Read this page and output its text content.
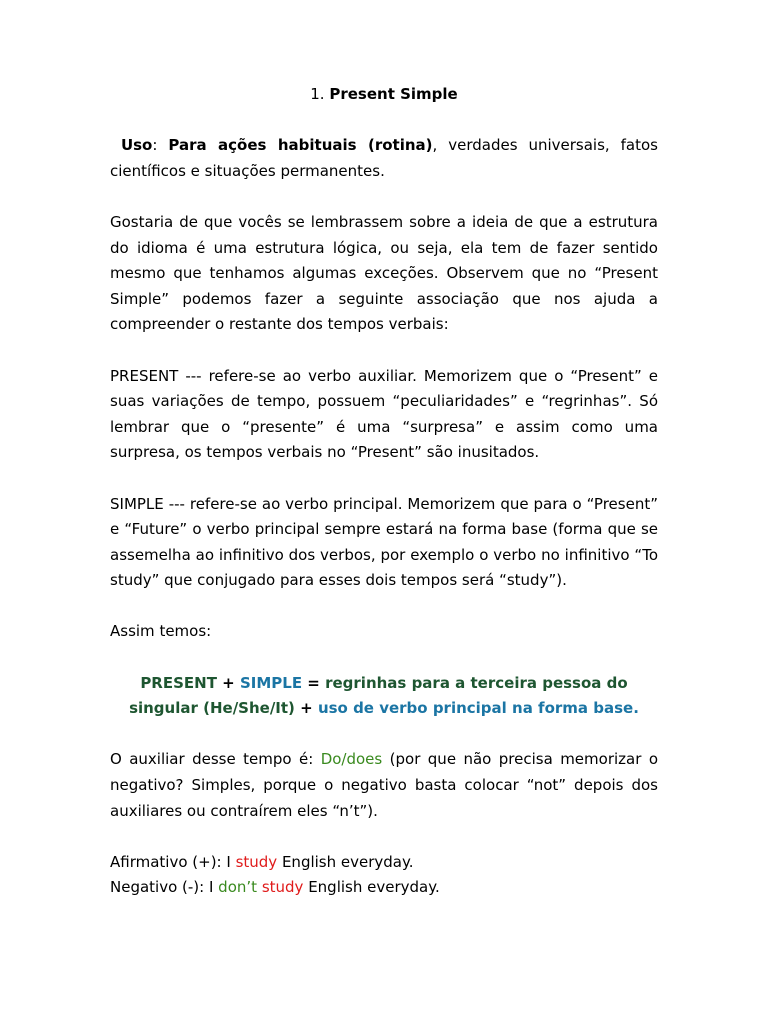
1. Present Simple

Uso: Para ações habituais (rotina), verdades universais, fatos científicos e situações permanentes.

Gostaria de que vocês se lembrassem sobre a ideia de que a estrutura do idioma é uma estrutura lógica, ou seja, ela tem de fazer sentido mesmo que tenhamos algumas exceções. Observem que no “Present Simple” podemos fazer a seguinte associação que nos ajuda a compreender o restante dos tempos verbais:

PRESENT --- refere-se ao verbo auxiliar. Memorizem que o “Present” e suas variações de tempo, possuem “peculiaridades” e “regrinhas”. Só lembrar que o “presente” é uma “surpresa” e assim como uma surpresa, os tempos verbais no “Present” são inusitados.

SIMPLE --- refere-se ao verbo principal. Memorizem que para o “Present” e “Future” o verbo principal sempre estará na forma base (forma que se assemelha ao infinitivo dos verbos, por exemplo o verbo no infinitivo “To study” que conjugado para esses dois tempos será “study”).

Assim temos:

PRESENT + SIMPLE = regrinhas para a terceira pessoa do singular (He/She/It) + uso de verbo principal na forma base.

O auxiliar desse tempo é: Do/does (por que não precisa memorizar o negativo? Simples, porque o negativo basta colocar “not” depois dos auxiliares ou contraírem eles “n’t”).

Afirmativo (+): I study English everyday.

Negativo (-): I don’t study English everyday.
